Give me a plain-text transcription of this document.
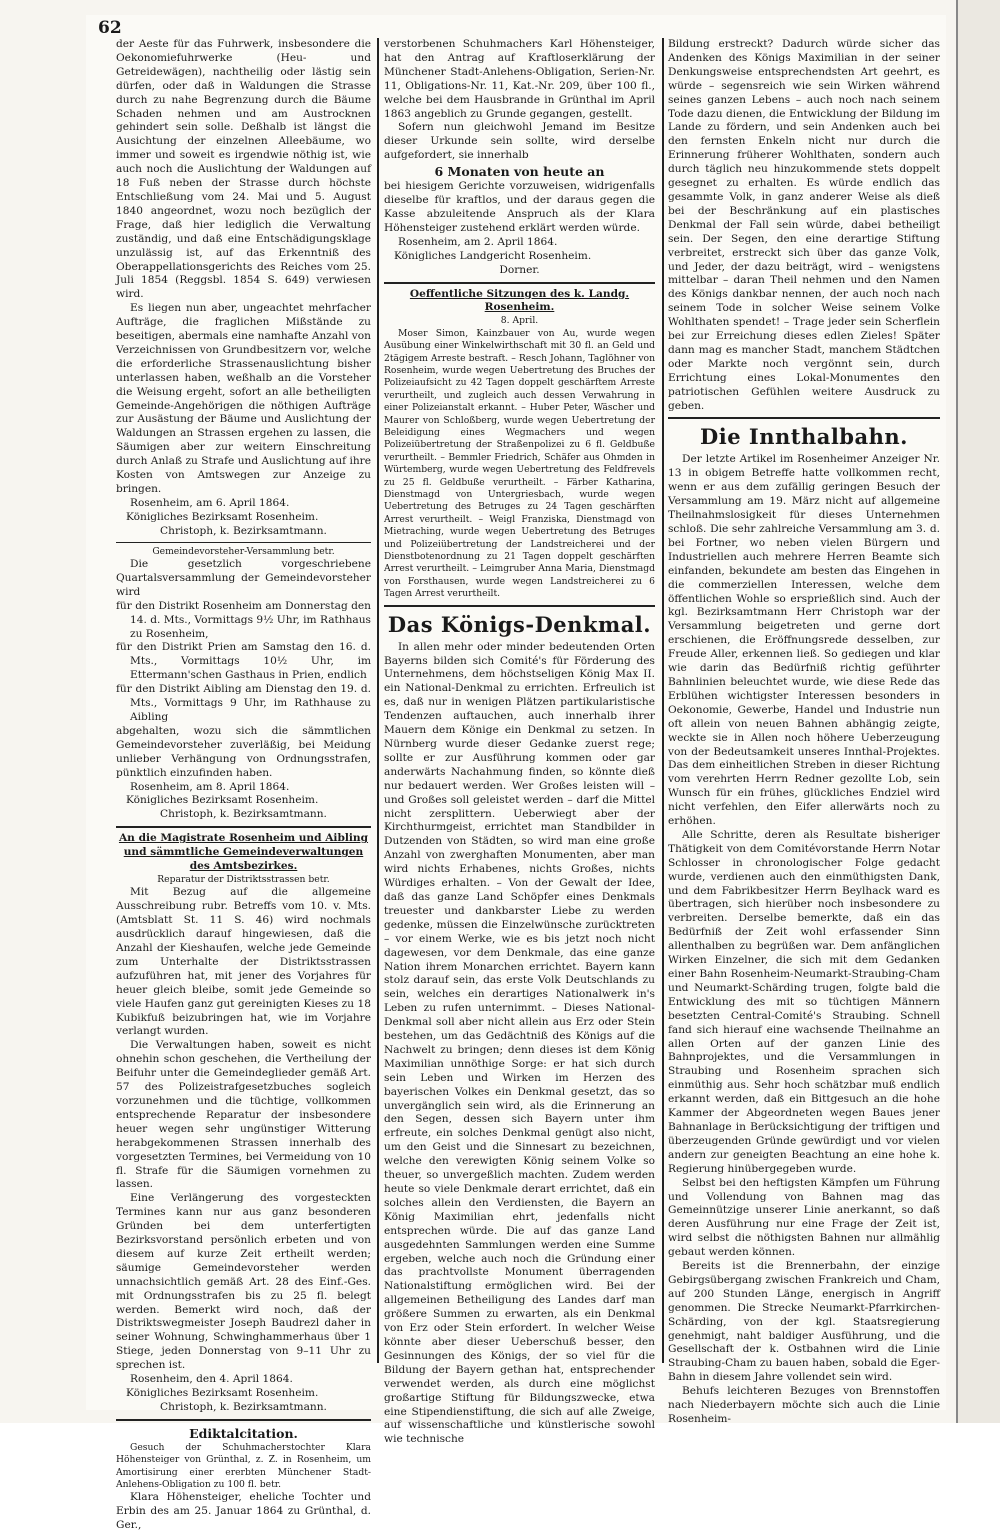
62

der Aeste für das Fuhrwerk, insbesondere die Oekonomiefuhrwerke (Heu- und Getreidewägen), nachtheilig oder lästig sein dürfen, oder daß in Waldungen die Strasse durch zu nahe Begrenzung durch die Bäume Schaden nehmen und am Austrocknen gehindert sein solle. Deßhalb ist längst die Ausichtung der einzelnen Alleebäume, wo immer und soweit es irgendwie nöthig ist, wie auch noch die Auslichtung der Waldungen auf 18 Fuß neben der Strasse durch höchste Entschließung vom 24. Mai und 5. August 1840 angeordnet, wozu noch bezüglich der Frage, daß hier lediglich die Verwaltung zuständig, und daß eine Entschädigungsklage unzulässig ist, auf das Erkenntniß des Oberappellationsgerichts des Reiches vom 25. Juli 1854 (Reggsbl. 1854 S. 649) verwiesen wird.

Es liegen nun aber, ungeachtet mehrfacher Aufträge, die fraglichen Mißstände zu beseitigen, abermals eine namhafte Anzahl von Verzeichnissen von Grundbesitzern vor, welche die erforderliche Strassenauslichtung bisher unterlassen haben, weßhalb an die Vorsteher die Weisung ergeht, sofort an alle betheiligten Gemeinde-Angehörigen die nöthigen Aufträge zur Ausästung der Bäume und Auslichtung der Waldungen an Strassen ergehen zu lassen, die Säumigen aber zur weitern Einschreitung durch Anlaß zu Strafe und Auslichtung auf ihre Kosten von Amtswegen zur Anzeige zu bringen.

Rosenheim, am 6. April 1864.

Königliches Bezirksamt Rosenheim.

Christoph, k. Bezirksamtmann.

Gemeindevorsteher-Versammlung betr.

Die gesetzlich vorgeschriebene Quartalsversammlung der Gemeindevorsteher wird

für den Distrikt Rosenheim am Donnerstag den 14. d. Mts., Vormittags 9½ Uhr, im Rathhaus zu Rosenheim,

für den Distrikt Prien am Samstag den 16. d. Mts., Vormittags 10½ Uhr, im Ettermann'schen Gasthaus in Prien, endlich

für den Distrikt Aibling am Dienstag den 19. d. Mts., Vormittags 9 Uhr, im Rathhause zu Aibling

abgehalten, wozu sich die sämmtlichen Gemeindevorsteher zuverläßig, bei Meidung unlieber Verhängung von Ordnungsstrafen, pünktlich einzufinden haben.

Rosenheim, am 8. April 1864.

Königliches Bezirksamt Rosenheim.

Christoph, k. Bezirksamtmann.

An die Magistrate Rosenheim und Aibling und sämmtliche Gemeindeverwaltungen des Amtsbezirkes.

Reparatur der Distriktsstrassen betr.

Mit Bezug auf die allgemeine Ausschreibung rubr. Betreffs vom 10. v. Mts. (Amtsblatt St. 11 S. 46) wird nochmals ausdrücklich darauf hingewiesen, daß die Anzahl der Kieshaufen, welche jede Gemeinde zum Unterhalte der Distriktsstrassen aufzuführen hat, mit jener des Vorjahres für heuer gleich bleibe, somit jede Gemeinde so viele Haufen ganz gut gereinigten Kieses zu 18 Kubikfuß beizubringen hat, wie im Vorjahre verlangt wurden.

Die Verwaltungen haben, soweit es nicht ohnehin schon geschehen, die Vertheilung der Beifuhr unter die Gemeindeglieder gemäß Art. 57 des Polizeistrafgesetzbuches sogleich vorzunehmen und die tüchtige, vollkommen entsprechende Reparatur der insbesondere heuer wegen sehr ungünstiger Witterung herabgekommenen Strassen innerhalb des vorgesetzten Termines, bei Vermeidung von 10 fl. Strafe für die Säumigen vornehmen zu lassen.

Eine Verlängerung des vorgesteckten Termines kann nur aus ganz besonderen Gründen bei dem unterfertigten Bezirksvorstand persönlich erbeten und von diesem auf kurze Zeit ertheilt werden; säumige Gemeindevorsteher werden unnachsichtlich gemäß Art. 28 des Einf.-Ges. mit Ordnungsstrafen bis zu 25 fl. belegt werden. Bemerkt wird noch, daß der Distriktswegmeister Joseph Baudrezl daher in seiner Wohnung, Schwinghammerhaus über 1 Stiege, jeden Donnerstag von 9–11 Uhr zu sprechen ist.

Rosenheim, den 4. April 1864.

Königliches Bezirksamt Rosenheim.

Christoph, k. Bezirksamtmann.

Ediktalcitation.

Gesuch der Schuhmacherstochter Klara Höhensteiger von Grünthal, z. Z. in Rosenheim, um Amortisirung einer ererbten Münchener Stadt-Anlehens-Obligation zu 100 fl. betr.

Klara Höhensteiger, eheliche Tochter und Erbin des am 25. Januar 1864 zu Grünthal, d. Ger.,

verstorbenen Schuhmachers Karl Höhensteiger, hat den Antrag auf Kraftloserklärung der Münchener Stadt-Anlehens-Obligation, Serien-Nr. 11, Obligations-Nr. 11, Kat.-Nr. 209, über 100 fl., welche bei dem Hausbrande in Grünthal im April 1863 angeblich zu Grunde gegangen, gestellt.

Sofern nun gleichwohl Jemand im Besitze dieser Urkunde sein sollte, wird derselbe aufgefordert, sie innerhalb

6 Monaten von heute an

bei hiesigem Gerichte vorzuweisen, widrigenfalls dieselbe für kraftlos, und der daraus gegen die Kasse abzuleitende Anspruch als der Klara Höhensteiger zustehend erklärt werden würde.

Rosenheim, am 2. April 1864.

Königliches Landgericht Rosenheim.

Dorner.

Oeffentliche Sitzungen des k. Landg. Rosenheim.

8. April.

Moser Simon, Kainzbauer von Au, wurde wegen Ausübung einer Winkelwirthschaft mit 30 fl. an Geld und 2tägigem Arreste bestraft. – Resch Johann, Taglöhner von Rosenheim, wurde wegen Uebertretung des Bruches der Polizeiaufsicht zu 42 Tagen doppelt geschärftem Arreste verurtheilt, und zugleich auch dessen Verwahrung in einer Polizeianstalt erkannt. – Huber Peter, Wäscher und Maurer von Schloßberg, wurde wegen Uebertretung der Beleidigung eines Wegmachers und wegen Polizeiübertretung der Straßenpolizei zu 6 fl. Geldbuße verurtheilt. – Bemmler Friedrich, Schäfer aus Ohmden in Würtemberg, wurde wegen Uebertretung des Feldfrevels zu 25 fl. Geldbuße verurtheilt. – Färber Katharina, Dienstmagd von Untergriesbach, wurde wegen Uebertretung des Betruges zu 24 Tagen geschärften Arrest verurtheilt. – Weigl Franziska, Dienstmagd von Mietraching, wurde wegen Uebertretung des Betruges und Polizeiübertretung der Landstreicherei und der Dienstbotenordnung zu 21 Tagen doppelt geschärften Arrest verurtheilt. – Leimgruber Anna Maria, Dienstmagd von Forsthausen, wurde wegen Landstreicherei zu 6 Tagen Arrest verurtheilt.

Das Königs-Denkmal.

In allen mehr oder minder bedeutenden Orten Bayerns bilden sich Comité's für Förderung des Unternehmens, dem höchstseligen König Max II. ein National-Denkmal zu errichten. Erfreulich ist es, daß nur in wenigen Plätzen partikularistische Tendenzen auftauchen, auch innerhalb ihrer Mauern dem Könige ein Denkmal zu setzen. In Nürnberg wurde dieser Gedanke zuerst rege; sollte er zur Ausführung kommen oder gar anderwärts Nachahmung finden, so könnte dieß nur bedauert werden. Wer Großes leisten will – und Großes soll geleistet werden – darf die Mittel nicht zersplittern. Ueberwiegt aber der Kirchthurmgeist, errichtet man Standbilder in Dutzenden von Städten, so wird man eine große Anzahl von zwerghaften Monumenten, aber man wird nichts Erhabenes, nichts Großes, nichts Würdiges erhalten. – Von der Gewalt der Idee, daß das ganze Land Schöpfer eines Denkmals treuester und dankbarster Liebe zu werden gedenke, müssen die Einzelwünsche zurücktreten – vor einem Werke, wie es bis jetzt noch nicht dagewesen, vor dem Denkmale, das eine ganze Nation ihrem Monarchen errichtet. Bayern kann stolz darauf sein, das erste Volk Deutschlands zu sein, welches ein derartiges Nationalwerk in's Leben zu rufen unternimmt. – Dieses National-Denkmal soll aber nicht allein aus Erz oder Stein bestehen, um das Gedächtniß des Königs auf die Nachwelt zu bringen; denn dieses ist dem König Maximilian unnöthige Sorge: er hat sich durch sein Leben und Wirken im Herzen des bayerischen Volkes ein Denkmal gesetzt, das so unvergänglich sein wird, als die Erinnerung an den Segen, dessen sich Bayern unter ihm erfreute, ein solches Denkmal genügt also nicht, um den Geist und die Sinnesart zu bezeichnen, welche den verewigten König seinem Volke so theuer, so unvergeßlich machten. Zudem werden heute so viele Denkmale derart errichtet, daß ein solches allein den Verdiensten, die Bayern an König Maximilian ehrt, jedenfalls nicht entsprechen würde. Die auf das ganze Land ausgedehnten Sammlungen werden eine Summe ergeben, welche auch noch die Gründung einer das prachtvollste Monument überragenden Nationalstiftung ermöglichen wird. Bei der allgemeinen Betheiligung des Landes darf man größere Summen zu erwarten, als ein Denkmal von Erz oder Stein erfordert. In welcher Weise könnte aber dieser Ueberschuß besser, den Gesinnungen des Königs, der so viel für die Bildung der Bayern gethan hat, entsprechender verwendet werden, als durch eine möglichst großartige Stiftung für Bildungszwecke, etwa eine Stipendienstiftung, die sich auf alle Zweige, auf wissenschaftliche und künstlerische sowohl wie technische

Bildung erstreckt? Dadurch würde sicher das Andenken des Königs Maximilian in der seiner Denkungsweise entsprechendsten Art geehrt, es würde – segensreich wie sein Wirken während seines ganzen Lebens – auch noch nach seinem Tode dazu dienen, die Entwicklung der Bildung im Lande zu fördern, und sein Andenken auch bei den fernsten Enkeln nicht nur durch die Erinnerung früherer Wohlthaten, sondern auch durch täglich neu hinzukommende stets doppelt gesegnet zu erhalten. Es würde endlich das gesammte Volk, in ganz anderer Weise als dieß bei der Beschränkung auf ein plastisches Denkmal der Fall sein würde, dabei betheiligt sein. Der Segen, den eine derartige Stiftung verbreitet, erstreckt sich über das ganze Volk, und Jeder, der dazu beiträgt, wird – wenigstens mittelbar – daran Theil nehmen und den Namen des Königs dankbar nennen, der auch noch nach seinem Tode in solcher Weise seinem Volke Wohlthaten spendet! – Trage jeder sein Scherflein bei zur Erreichung dieses edlen Zieles! Später dann mag es mancher Stadt, manchem Städtchen oder Markte noch vergönnt sein, durch Errichtung eines Lokal-Monumentes den patriotischen Gefühlen weitere Ausdruck zu geben.

Die Innthalbahn.

Der letzte Artikel im Rosenheimer Anzeiger Nr. 13 in obigem Betreffe hatte vollkommen recht, wenn er aus dem zufällig geringen Besuch der Versammlung am 19. März nicht auf allgemeine Theilnahmslosigkeit für dieses Unternehmen schloß. Die sehr zahlreiche Versammlung am 3. d. bei Fortner, wo neben vielen Bürgern und Industriellen auch mehrere Herren Beamte sich einfanden, bekundete am besten das Eingehen in die commerziellen Interessen, welche dem öffentlichen Wohle so ersprießlich sind. Auch der kgl. Bezirksamtmann Herr Christoph war der Versammlung beigetreten und gerne dort erschienen, die Eröffnungsrede desselben, zur Freude Aller, erkennen ließ. So gediegen und klar wie darin das Bedürfniß richtig geführter Bahnlinien beleuchtet wurde, wie diese Rede das Erblühen wichtigster Interessen besonders in Oekonomie, Gewerbe, Handel und Industrie nun oft allein von neuen Bahnen abhängig zeigte, weckte sie in Allen noch höhere Ueberzeugung von der Bedeutsamkeit unseres Innthal-Projektes. Das dem einheitlichen Streben in dieser Richtung vom verehrten Herrn Redner gezollte Lob, sein Wunsch für ein frühes, glückliches Endziel wird nicht verfehlen, den Eifer allerwärts noch zu erhöhen.

Alle Schritte, deren als Resultate bisheriger Thätigkeit von dem Comitévorstande Herrn Notar Schlosser in chronologischer Folge gedacht wurde, verdienen auch den einmüthigsten Dank, und dem Fabrikbesitzer Herrn Beylhack ward es übertragen, sich hierüber noch insbesondere zu verbreiten. Derselbe bemerkte, daß ein das Bedürfniß der Zeit wohl erfassender Sinn allenthalben zu begrüßen war. Dem anfänglichen Wirken Einzelner, die sich mit dem Gedanken einer Bahn Rosenheim-Neumarkt-Straubing-Cham und Neumarkt-Schärding trugen, folgte bald die Entwicklung des mit so tüchtigen Männern besetzten Central-Comité's Straubing. Schnell fand sich hierauf eine wachsende Theilnahme an allen Orten auf der ganzen Linie des Bahnprojektes, und die Versammlungen in Straubing und Rosenheim sprachen sich einmüthig aus. Sehr hoch schätzbar muß endlich erkannt werden, daß ein Bittgesuch an die hohe Kammer der Abgeordneten wegen Baues jener Bahnanlage in Berücksichtigung der triftigen und überzeugenden Gründe gewürdigt und vor vielen andern zur geneigten Beachtung an eine hohe k. Regierung hinübergegeben wurde.

Selbst bei den heftigsten Kämpfen um Führung und Vollendung von Bahnen mag das Gemeinnützige unserer Linie anerkannt, so daß deren Ausführung nur eine Frage der Zeit ist, wird selbst die nöthigsten Bahnen nur allmählig gebaut werden können.

Bereits ist die Brennerbahn, der einzige Gebirgsübergang zwischen Frankreich und Cham, auf 200 Stunden Länge, energisch in Angriff genommen. Die Strecke Neumarkt-Pfarrkirchen-Schärding, von der kgl. Staatsregierung genehmigt, naht baldiger Ausführung, und die Gesellschaft der k. Ostbahnen wird die Linie Straubing-Cham zu bauen haben, sobald die Eger-Bahn in diesem Jahre vollendet sein wird.

Behufs leichteren Bezuges von Brennstoffen nach Niederbayern möchte sich auch die Linie Rosenheim-
